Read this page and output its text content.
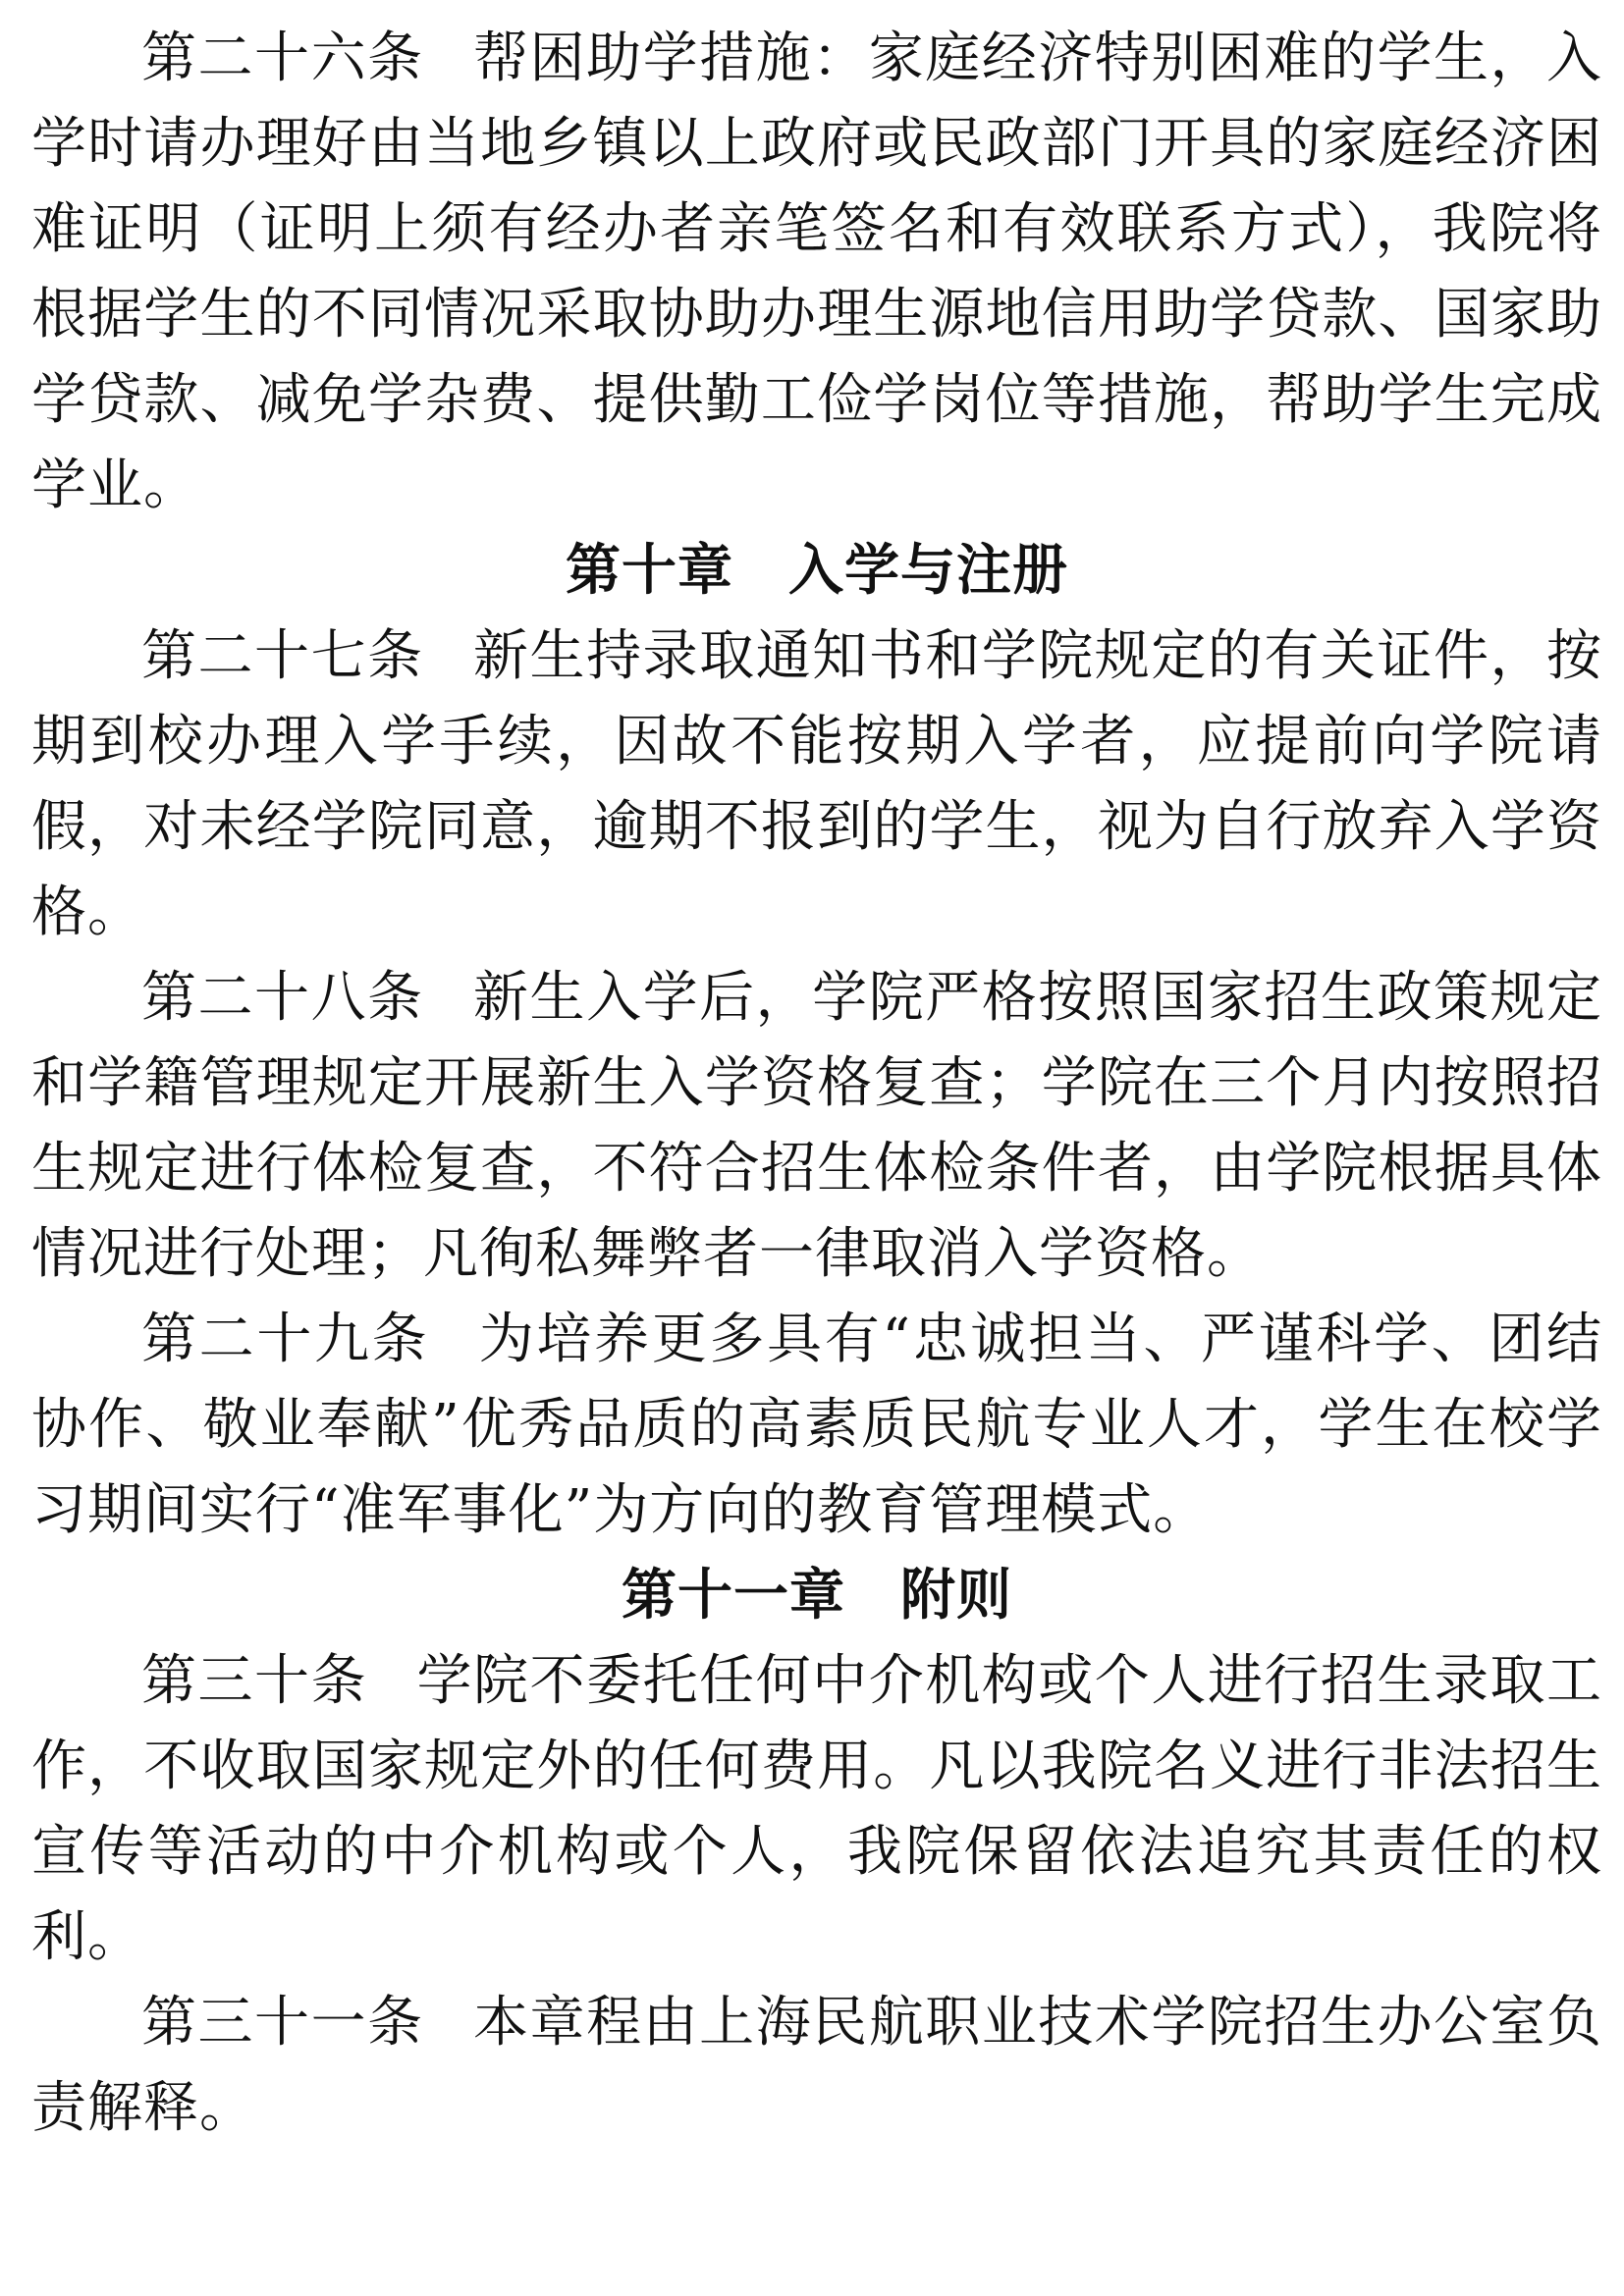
第二十六条 帮困助学措施：家庭经济特别困难的学生，入学时请办理好由当地乡镇以上政府或民政部门开具的家庭经济困难证明（证明上须有经办者亲笔签名和有效联系方式），我院将根据学生的不同情况采取协助办理生源地信用助学贷款、国家助学贷款、减免学杂费、提供勤工俭学岗位等措施，帮助学生完成学业。

第十章 入学与注册

第二十七条 新生持录取通知书和学院规定的有关证件，按期到校办理入学手续，因故不能按期入学者，应提前向学院请假，对未经学院同意，逾期不报到的学生，视为自行放弃入学资格。

第二十八条 新生入学后，学院严格按照国家招生政策规定和学籍管理规定开展新生入学资格复查；学院在三个月内按照招生规定进行体检复查，不符合招生体检条件者，由学院根据具体情况进行处理；凡徇私舞弊者一律取消入学资格。

第二十九条 为培养更多具有“忠诚担当、严谨科学、团结协作、敬业奉献”优秀品质的高素质民航专业人才，学生在校学习期间实行“准军事化”为方向的教育管理模式。

第十一章 附则

第三十条 学院不委托任何中介机构或个人进行招生录取工作，不收取国家规定外的任何费用。凡以我院名义进行非法招生宣传等活动的中介机构或个人，我院保留依法追究其责任的权利。

第三十一条 本章程由上海民航职业技术学院招生办公室负责解释。
